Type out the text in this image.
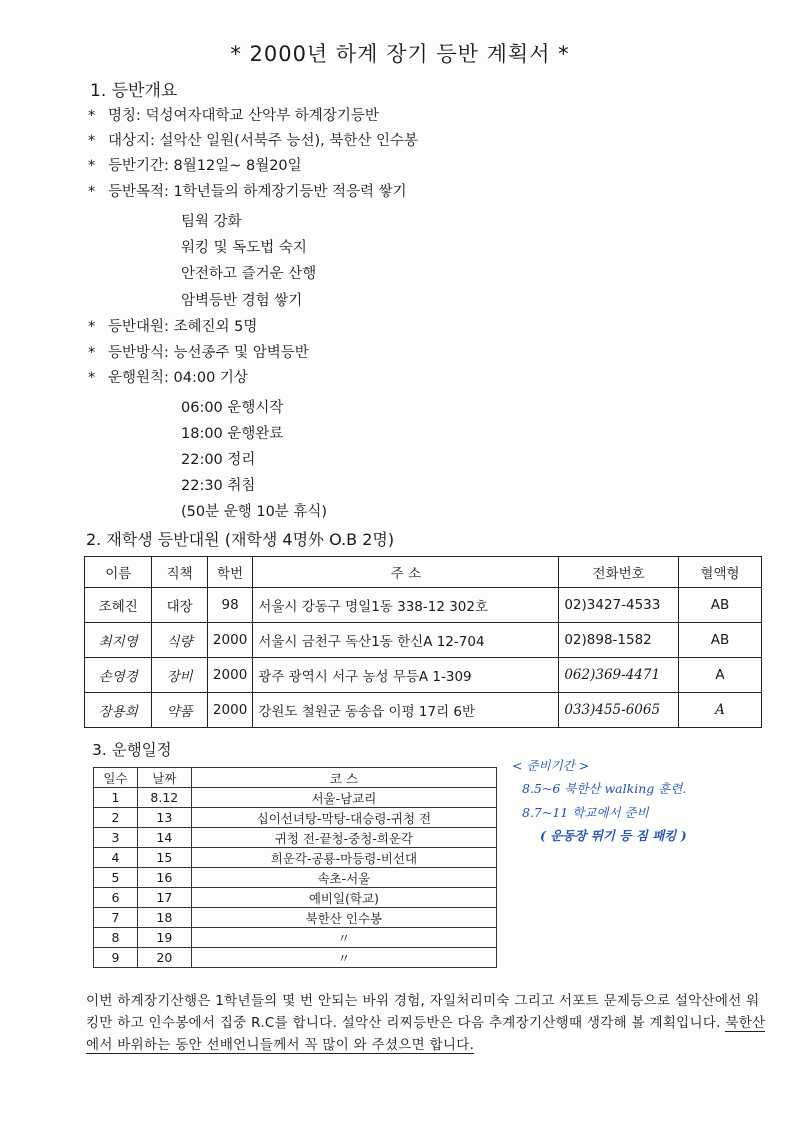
* 2000년 하계 장기 등반 계획서 *
1. 등반개요
* 명칭: 덕성여자대학교 산악부 하계장기등반
* 대상지: 설악산 일원(서북주 능선), 북한산 인수봉
* 등반기간: 8월12일~ 8월20일
* 등반목적: 1학년들의 하계장기등반 적응력 쌓기
팀웍 강화
워킹 및 독도법 숙지
안전하고 즐거운 산행
암벽등반 경험 쌓기
* 등반대원: 조혜진외 5명
* 등반방식: 능선종주 및 암벽등반
* 운행원칙: 04:00 기상
06:00 운행시작
18:00 운행완료
22:00 정리
22:30 취침
(50분 운행 10분 휴식)
2. 재학생 등반대원 (재학생 4명外 O.B 2명)
이름	직책	학번	주 소	전화번호	혈액형
조혜진	대장	98	서울시 강동구 명일1동 338-12 302호	02)3427-4533	AB
최지영	식량	2000	서울시 금천구 독산1동 한신A 12-704	02)898-1582	AB
손영경	장비	2000	광주 광역시 서구 농성 무등A 1-309	062)369-4471	A
장용희	약품	2000	강원도 철원군 동송읍 이평 17리 6반	033)455-6065	A
3. 운행일정
일수	날짜	코 스
1	8.12	서울-남교리
2	13	십이선녀탕-막탕-대승령-귀청 전
3	14	귀청 전-끝청-중청-희운각
4	15	희운각-공룡-마등령-비선대
5	16	속초-서울
6	17	예비일(학교)
7	18	북한산 인수봉
8	19	〃
9	20	〃
< 준비기간 >
8.5~6 북한산 walking 훈련.
8.7~11 학교에서 준비
( 운동장 뛰기 등 짐 패킹 )
이번 하계장기산행은 1학년들의 몇 번 안되는 바위 경험, 자일처리미숙 그리고 서포트 문제등으로 설악산에선 워킹만 하고 인수봉에서 집중 R.C를 합니다. 설악산 리찌등반은 다음 추계장기산행때 생각해 볼 계획입니다. 북한산에서 바위하는 동안 선배언니들께서 꼭 많이 와 주셨으면 합니다.
